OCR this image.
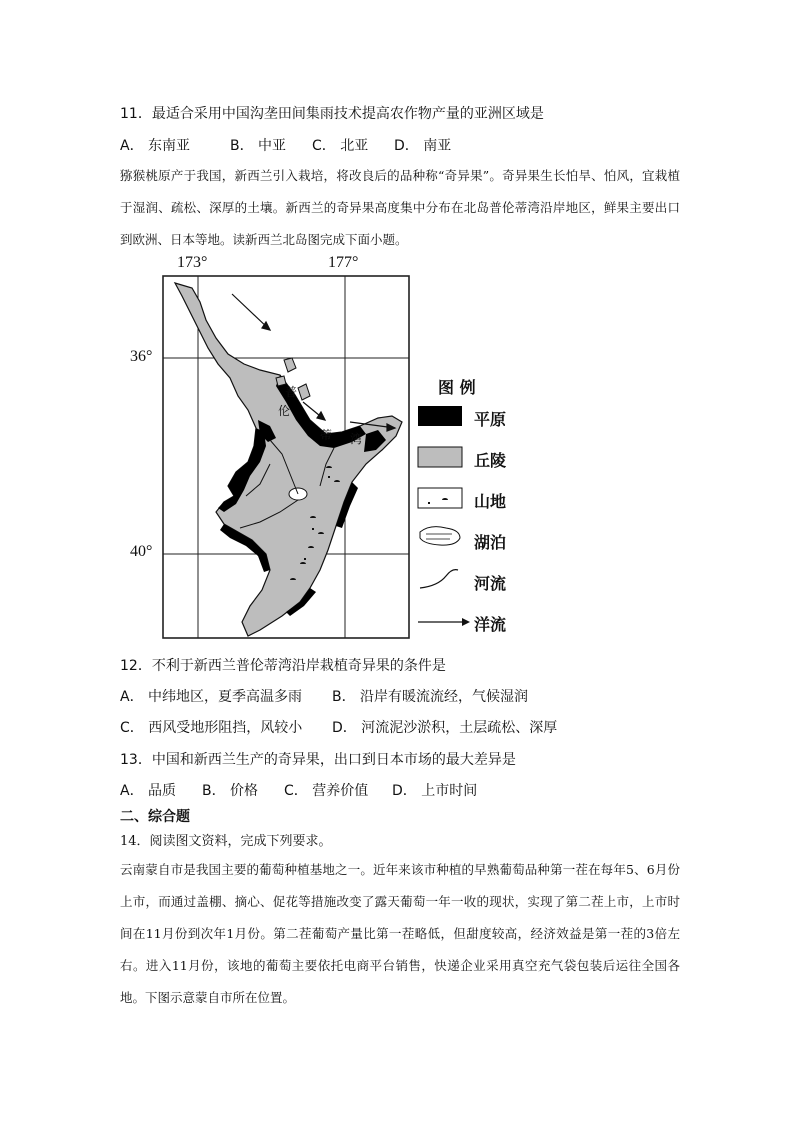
11．最适合采用中国沟垄田间集雨技术提高农作物产量的亚洲区域是
A． 东南亚	B． 中亚 C． 北亚 D． 南亚
猕猴桃原产于我国，新西兰引入栽培，将改良后的品种称“奇异果”。奇异果生长怕旱、怕风，宜栽植于湿润、疏松、深厚的土壤。新西兰的奇异果高度集中分布在北岛普伦蒂湾沿岸地区，鲜果主要出口到欧洲、日本等地。读新西兰北岛图完成下面小题。
173°	177°
36°
40°
普
伦
蒂 湾
图 例
平原
丘陵
山地
湖泊
河流
洋流
12．不利于新西兰普伦蒂湾沿岸栽植奇异果的条件是
A． 中纬地区，夏季高温多雨 B． 沿岸有暖流流经，气候湿润
C． 西风受地形阻挡，风较小 D． 河流泥沙淤积，土层疏松、深厚
13．中国和新西兰生产的奇异果，出口到日本市场的最大差异是
A． 品质 B． 价格 C． 营养价值 D． 上市时间
二、综合题
14．阅读图文资料，完成下列要求。
云南蒙自市是我国主要的葡萄种植基地之一。近年来该市种植的早熟葡萄品种第一茬在每年5、6月份上市，而通过盖棚、摘心、促花等措施改变了露天葡萄一年一收的现状，实现了第二茬上市，上市时间在11月份到次年1月份。第二茬葡萄产量比第一茬略低，但甜度较高，经济效益是第一茬的3倍左右。进入11月份，该地的葡萄主要依托电商平台销售，快递企业采用真空充气袋包装后运往全国各地。下图示意蒙自市所在位置。
